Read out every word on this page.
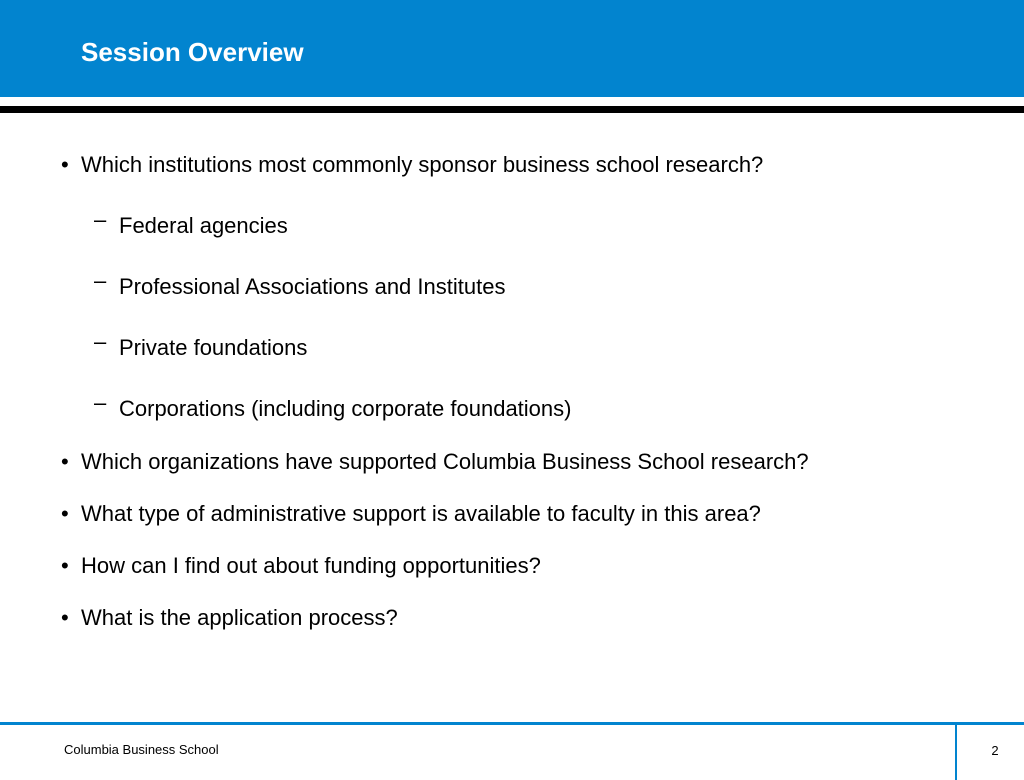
Session Overview
• Which institutions most commonly sponsor business school research?
– Federal agencies
– Professional Associations and Institutes
– Private foundations
– Corporations (including corporate foundations)
• Which organizations have supported Columbia Business School research?
• What type of administrative support is available to faculty in this area?
• How can I find out about funding opportunities?
• What is the application process?
Columbia Business School	2
